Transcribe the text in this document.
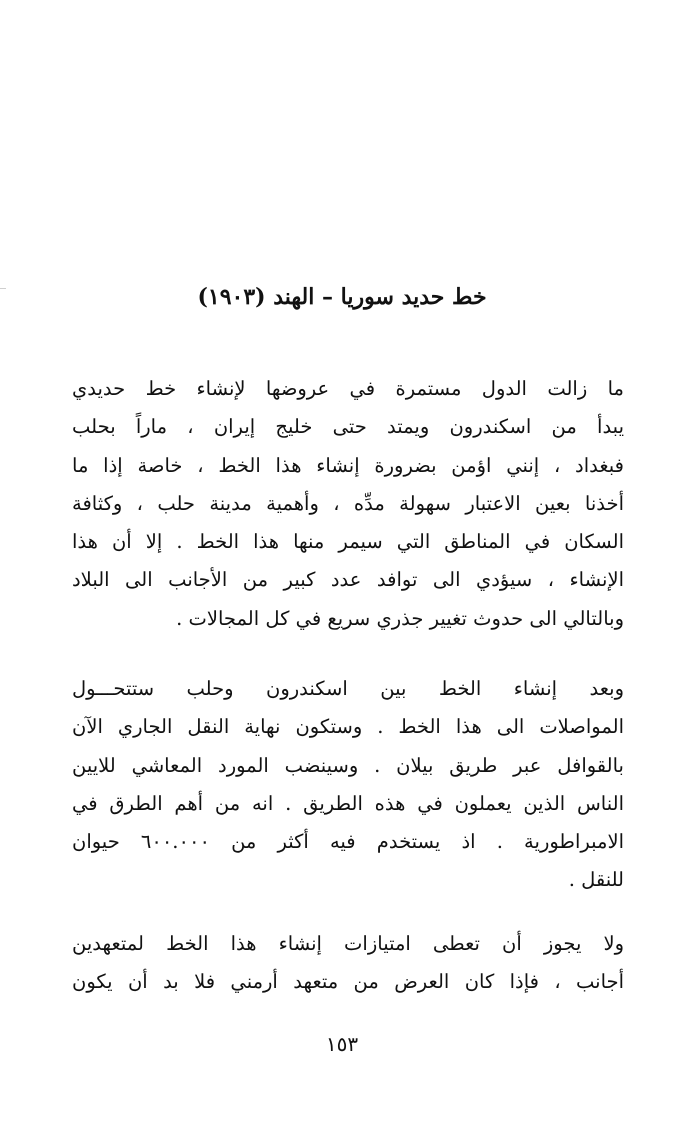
خط حديد سوريا – الهند (١٩٠٣)
ما زالت الدول مستمرة في عروضها لإنشاء خط حديدي
يبدأ من اسكندرون ويمتد حتى خليج إيران ، ماراً بحلب
فبغداد ، إنني اؤمن بضرورة إنشاء هذا الخط ، خاصة إذا ما
أخذنا بعين الاعتبار سهولة مدِّه ، وأهمية مدينة حلب ، وكثافة
السكان في المناطق التي سيمر منها هذا الخط . إلا أن هذا
الإنشاء ، سيؤدي الى توافد عدد كبير من الأجانب الى البلاد
وبالتالي الى حدوث تغيير جذري سريع في كل المجالات .
وبعد إنشاء الخط بين اسكندرون وحلب ستتحـــول
المواصلات الى هذا الخط . وستكون نهاية النقل الجاري الآن
بالقوافل عبر طريق بيلان . وسينضب المورد المعاشي للايين
الناس الذين يعملون في هذه الطريق . انه من أهم الطرق في
الامبراطورية . اذ يستخدم فيه أكثر من ٦٠٠.٠٠٠ حيوان
للنقل .
ولا يجوز أن تعطى امتيازات إنشاء هذا الخط لمتعهدين
أجانب ، فإذا كان العرض من متعهد أرمني فلا بد أن يكون
١٥٣
